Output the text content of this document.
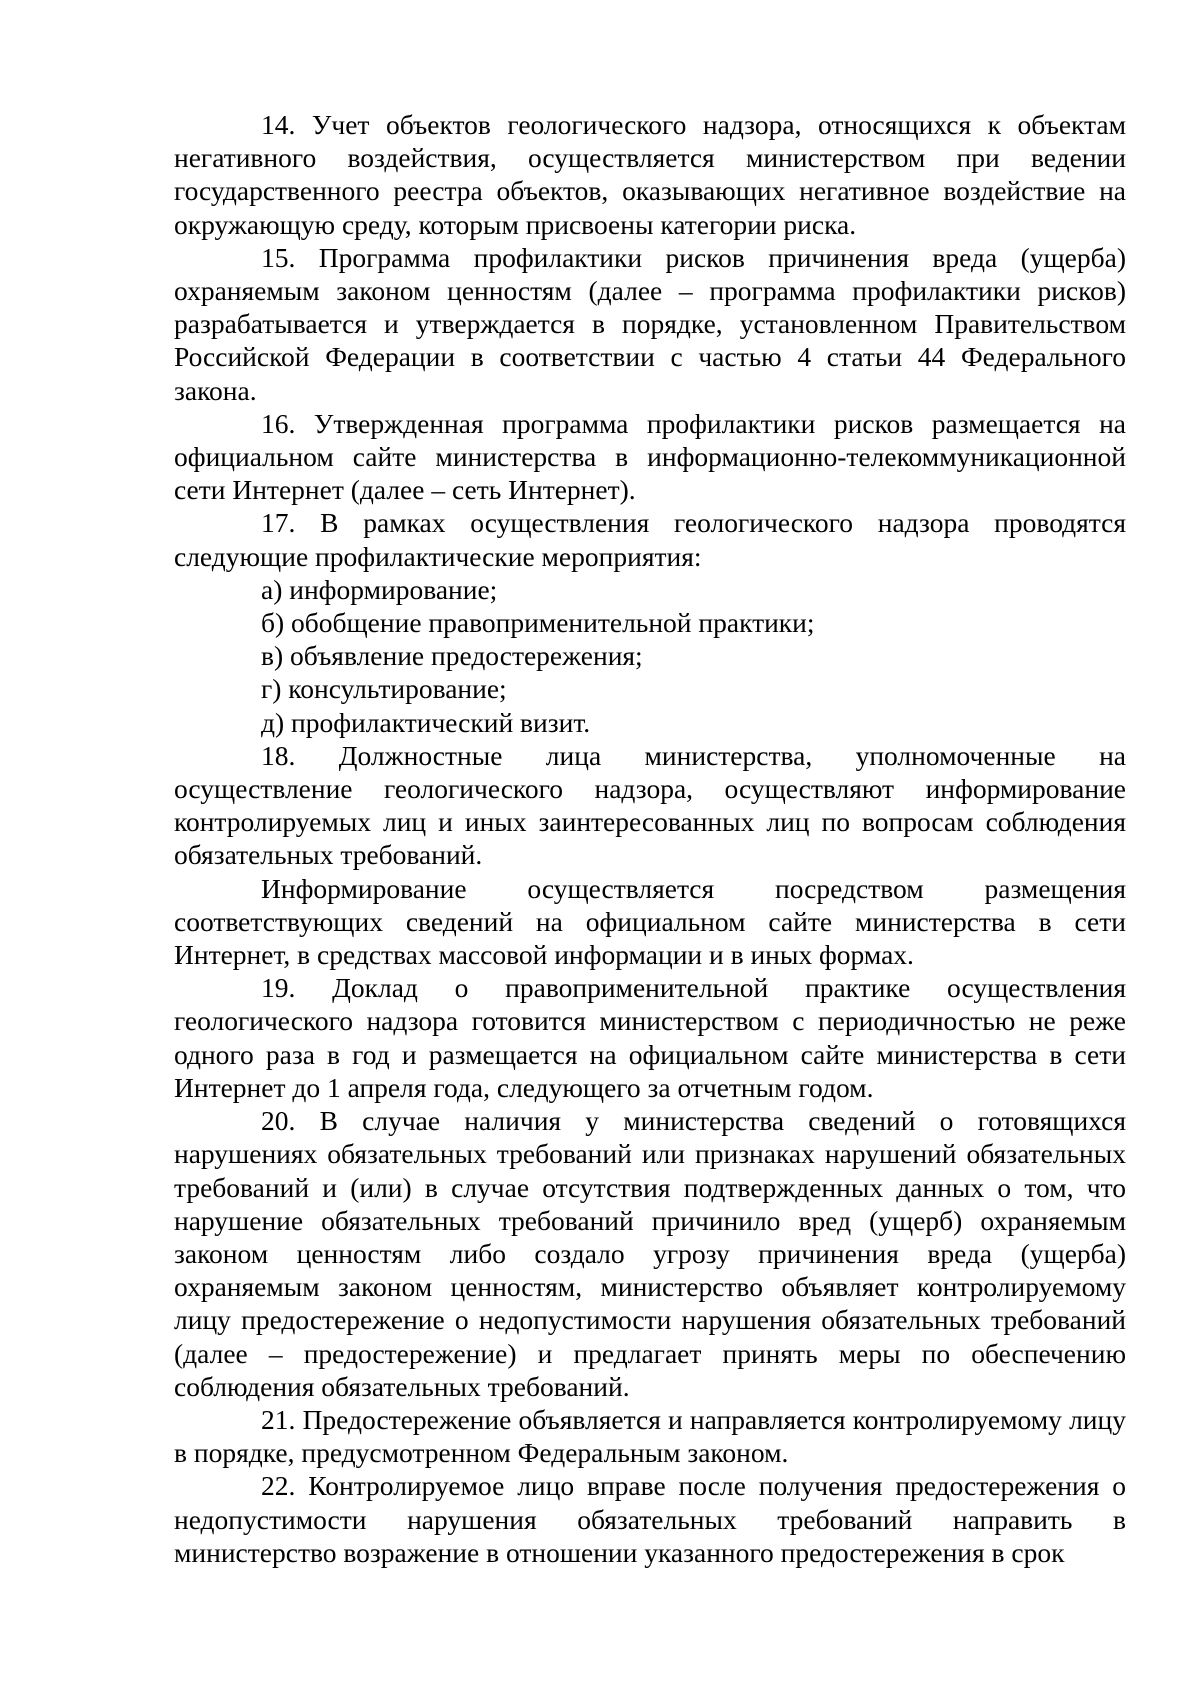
14. Учет объектов геологического надзора, относящихся к объектам негативного воздействия, осуществляется министерством при ведении государственного реестра объектов, оказывающих негативное воздействие на окружающую среду, которым присвоены категории риска.

15. Программа профилактики рисков причинения вреда (ущерба) охраняемым законом ценностям (далее – программа профилактики рисков) разрабатывается и утверждается в порядке, установленном Правительством Российской Федерации в соответствии с частью 4 статьи 44 Федерального закона.

16. Утвержденная программа профилактики рисков размещается на официальном сайте министерства в информационно-телекоммуникационной сети Интернет (далее – сеть Интернет).

17. В рамках осуществления геологического надзора проводятся следующие профилактические мероприятия:

а) информирование;

б) обобщение правоприменительной практики;

в) объявление предостережения;

г) консультирование;

д) профилактический визит.

18. Должностные лица министерства, уполномоченные на осуществление геологического надзора, осуществляют информирование контролируемых лиц и иных заинтересованных лиц по вопросам соблюдения обязательных требований.

Информирование осуществляется посредством размещения соответствующих сведений на официальном сайте министерства в сети Интернет, в средствах массовой информации и в иных формах.

19. Доклад о правоприменительной практике осуществления геологического надзора готовится министерством с периодичностью не реже одного раза в год и размещается на официальном сайте министерства в сети Интернет до 1 апреля года, следующего за отчетным годом.

20. В случае наличия у министерства сведений о готовящихся нарушениях обязательных требований или признаках нарушений обязательных требований и (или) в случае отсутствия подтвержденных данных о том, что нарушение обязательных требований причинило вред (ущерб) охраняемым законом ценностям либо создало угрозу причинения вреда (ущерба) охраняемым законом ценностям, министерство объявляет контролируемому лицу предостережение о недопустимости нарушения обязательных требований (далее – предостережение) и предлагает принять меры по обеспечению соблюдения обязательных требований.

21. Предостережение объявляется и направляется контролируемому лицу в порядке, предусмотренном Федеральным законом.

22. Контролируемое лицо вправе после получения предостережения о недопустимости нарушения обязательных требований направить в министерство возражение в отношении указанного предостережения в срок
